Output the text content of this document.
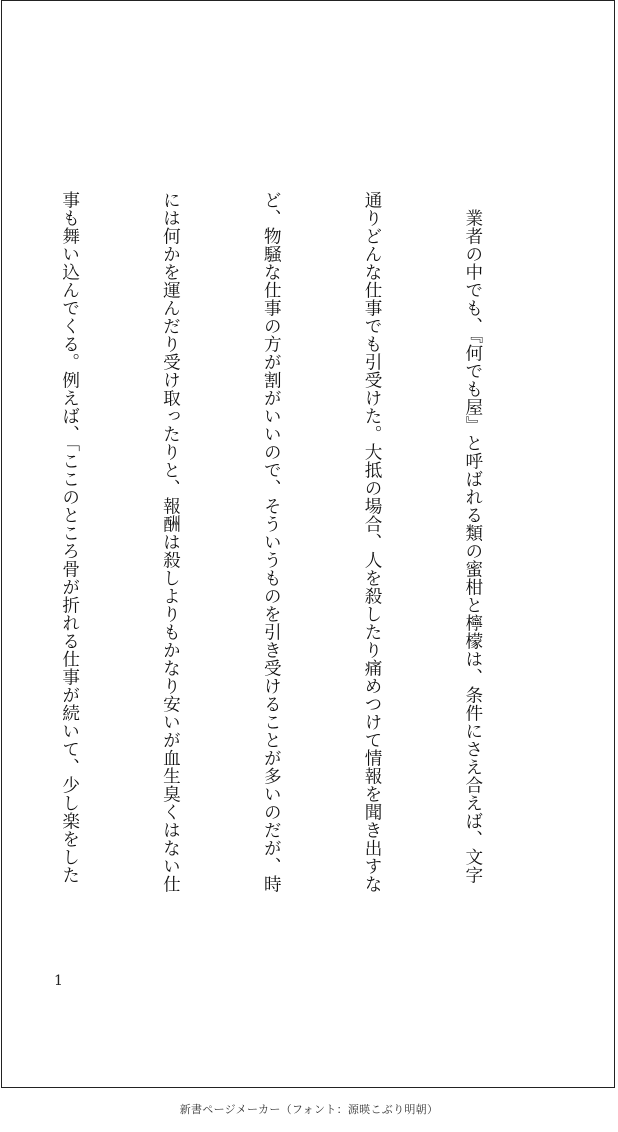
　業者の中でも、『何でも屋』と呼ばれる類の蜜柑と檸檬は、条件にさえ合えば、文字

通りどんな仕事でも引受けた。大抵の場合、人を殺したり痛めつけて情報を聞き出すな

ど、物騒な仕事の方が割がいいので、そういうものを引き受けることが多いのだが、時

には何かを運んだり受け取ったりと、報酬は殺しよりもかなり安いが血生臭くはない仕

事も舞い込んでくる。例えば、「ここのところ骨が折れる仕事が続いて、少し楽をした

1
新書ページメーカー（フォント：源暎こぶり明朝）
